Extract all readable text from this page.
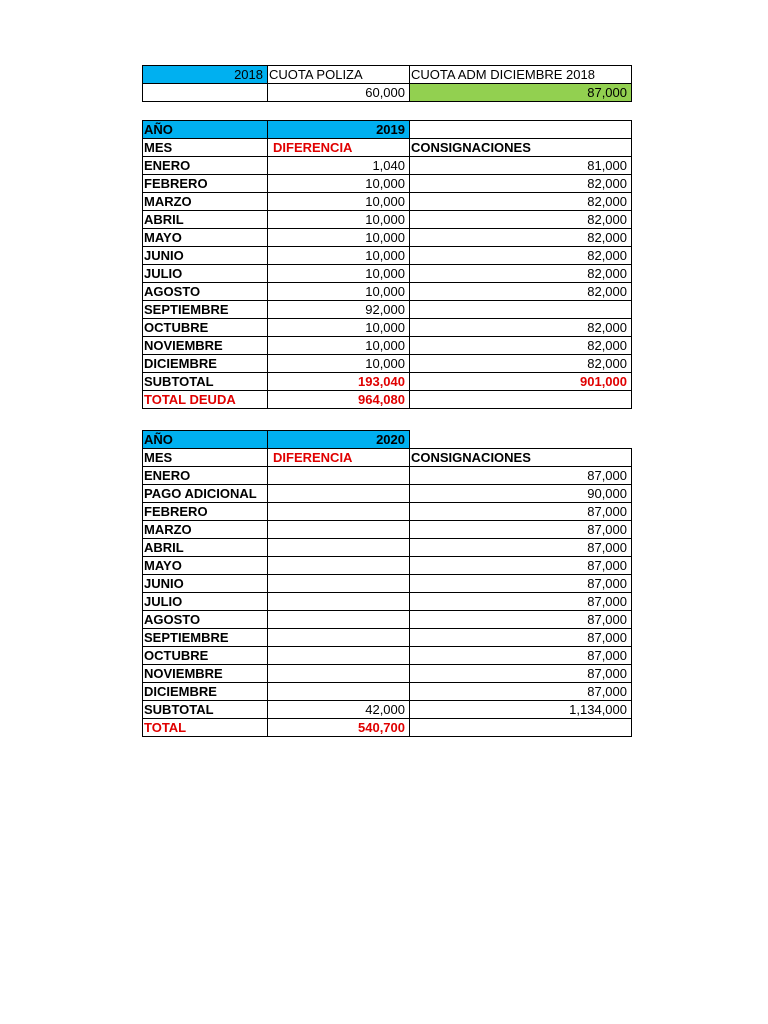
2018	CUOTA POLIZA	CUOTA ADM DICIEMBRE 2018
	60,000	87,000
AÑO	2019	
MES	DIFERENCIA	CONSIGNACIONES
ENERO	1,040	81,000
FEBRERO	10,000	82,000
MARZO	10,000	82,000
ABRIL	10,000	82,000
MAYO	10,000	82,000
JUNIO	10,000	82,000
JULIO	10,000	82,000
AGOSTO	10,000	82,000
SEPTIEMBRE	92,000	
OCTUBRE	10,000	82,000
NOVIEMBRE	10,000	82,000
DICIEMBRE	10,000	82,000
SUBTOTAL	193,040	901,000
TOTAL DEUDA	964,080	
AÑO	2020	
MES	DIFERENCIA	CONSIGNACIONES
ENERO		87,000
PAGO ADICIONAL		90,000
FEBRERO		87,000
MARZO		87,000
ABRIL		87,000
MAYO		87,000
JUNIO		87,000
JULIO		87,000
AGOSTO		87,000
SEPTIEMBRE		87,000
OCTUBRE		87,000
NOVIEMBRE		87,000
DICIEMBRE		87,000
SUBTOTAL	42,000	1,134,000
TOTAL	540,700	
